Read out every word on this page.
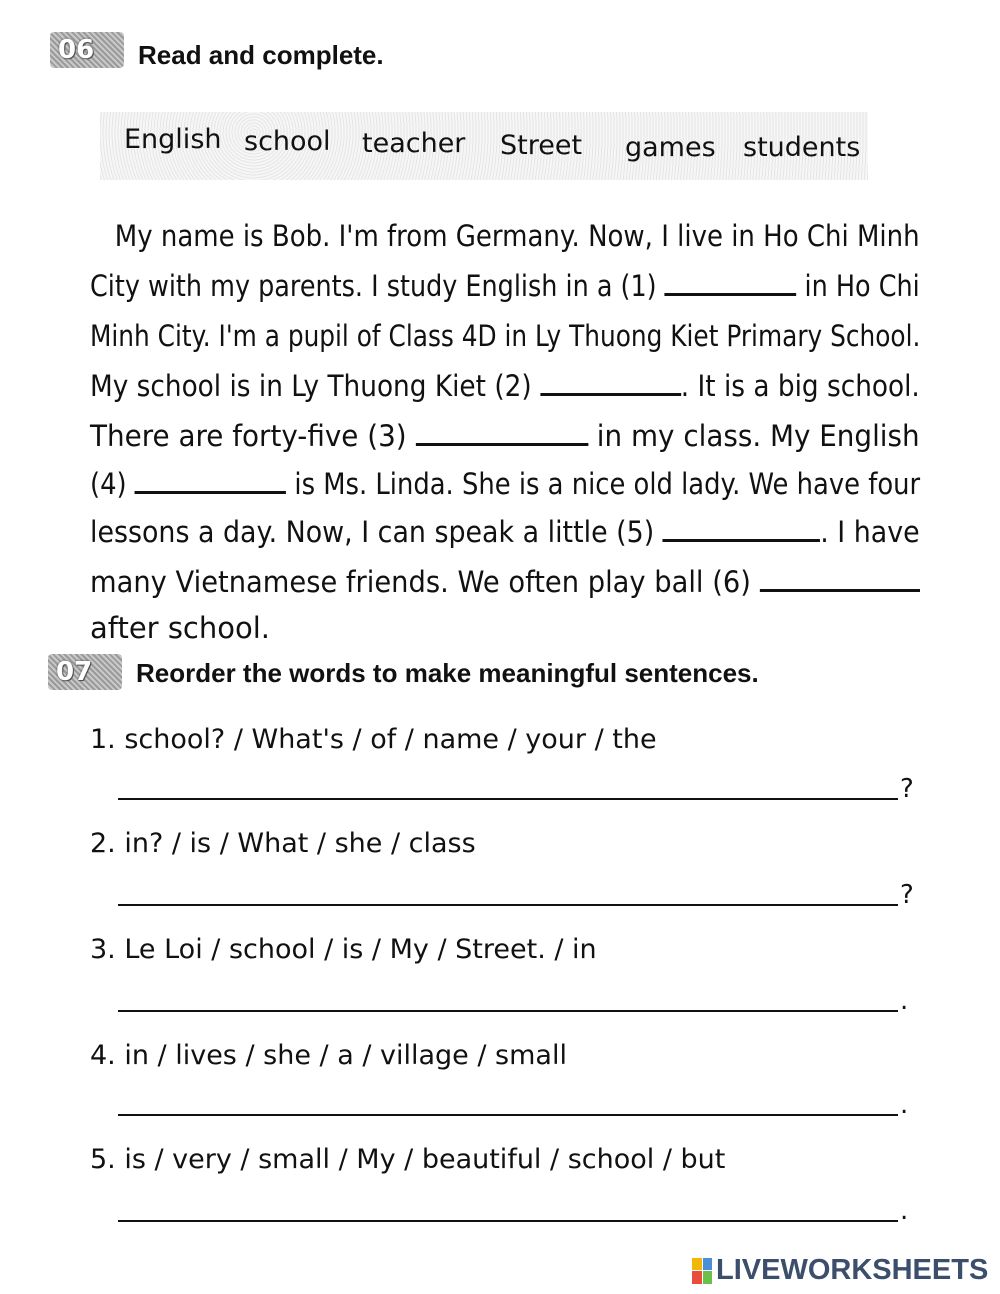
06 Read and complete.
English school teacher Street games students
My name is Bob. I'm from Germany. Now, I live in Ho Chi Minh
City with my parents. I study English in a (1)	in Ho Chi
Minh City. I'm a pupil of Class 4D in Ly Thuong Kiet Primary School.
My school is in Ly Thuong Kiet (2)	. It is a big school.
There are forty-five (3)	in my class. My English
(4)	is Ms. Linda. She is a nice old lady. We have four
lessons a day. Now, I can speak a little (5)	. I have
many Vietnamese friends. We often play ball (6)
after school.
07 Reorder the words to make meaningful sentences.
1. school? / What's / of / name / your / the
?
2. in? / is / What / she / class
?
3. Le Loi / school / is / My / Street. / in
.
4. in / lives / she / a / village / small
.
5. is / very / small / My / beautiful / school / but
.
LIVEWORKSHEETS
